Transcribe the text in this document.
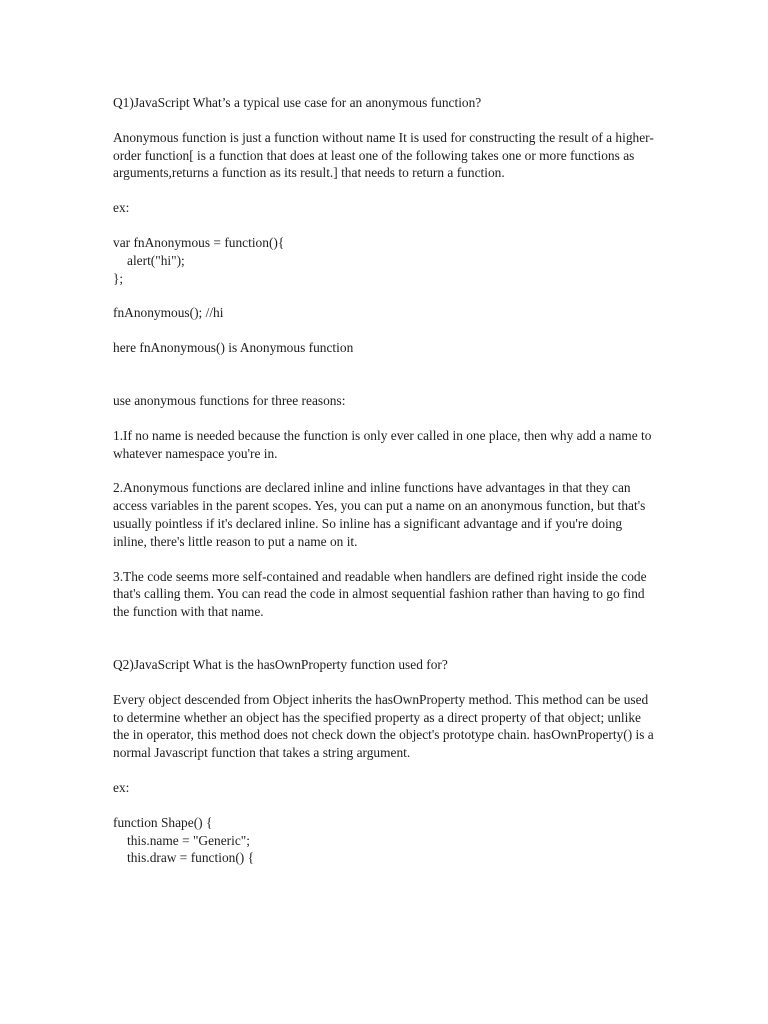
Q1)JavaScript What’s a typical use case for an anonymous function?

Anonymous function is just a function without name It is used for constructing the result of a higher-order function[ is a function that does at least one of the following takes one or more functions as arguments,returns a function as its result.] that needs to return a function.

ex:

var fnAnonymous = function(){
alert("hi");
};

fnAnonymous(); //hi

here fnAnonymous() is Anonymous function

use anonymous functions for three reasons:

1.If no name is needed because the function is only ever called in one place, then why add a name to whatever namespace you're in.

2.Anonymous functions are declared inline and inline functions have advantages in that they can access variables in the parent scopes. Yes, you can put a name on an anonymous function, but that's usually pointless if it's declared inline. So inline has a significant advantage and if you're doing inline, there's little reason to put a name on it.

3.The code seems more self-contained and readable when handlers are defined right inside the code that's calling them. You can read the code in almost sequential fashion rather than having to go find the function with that name.

Q2)JavaScript What is the hasOwnProperty function used for?

Every object descended from Object inherits the hasOwnProperty method. This method can be used to determine whether an object has the specified property as a direct property of that object; unlike the in operator, this method does not check down the object's prototype chain. hasOwnProperty() is a normal Javascript function that takes a string argument.

ex:

function Shape() {
this.name = "Generic";
this.draw = function() {
